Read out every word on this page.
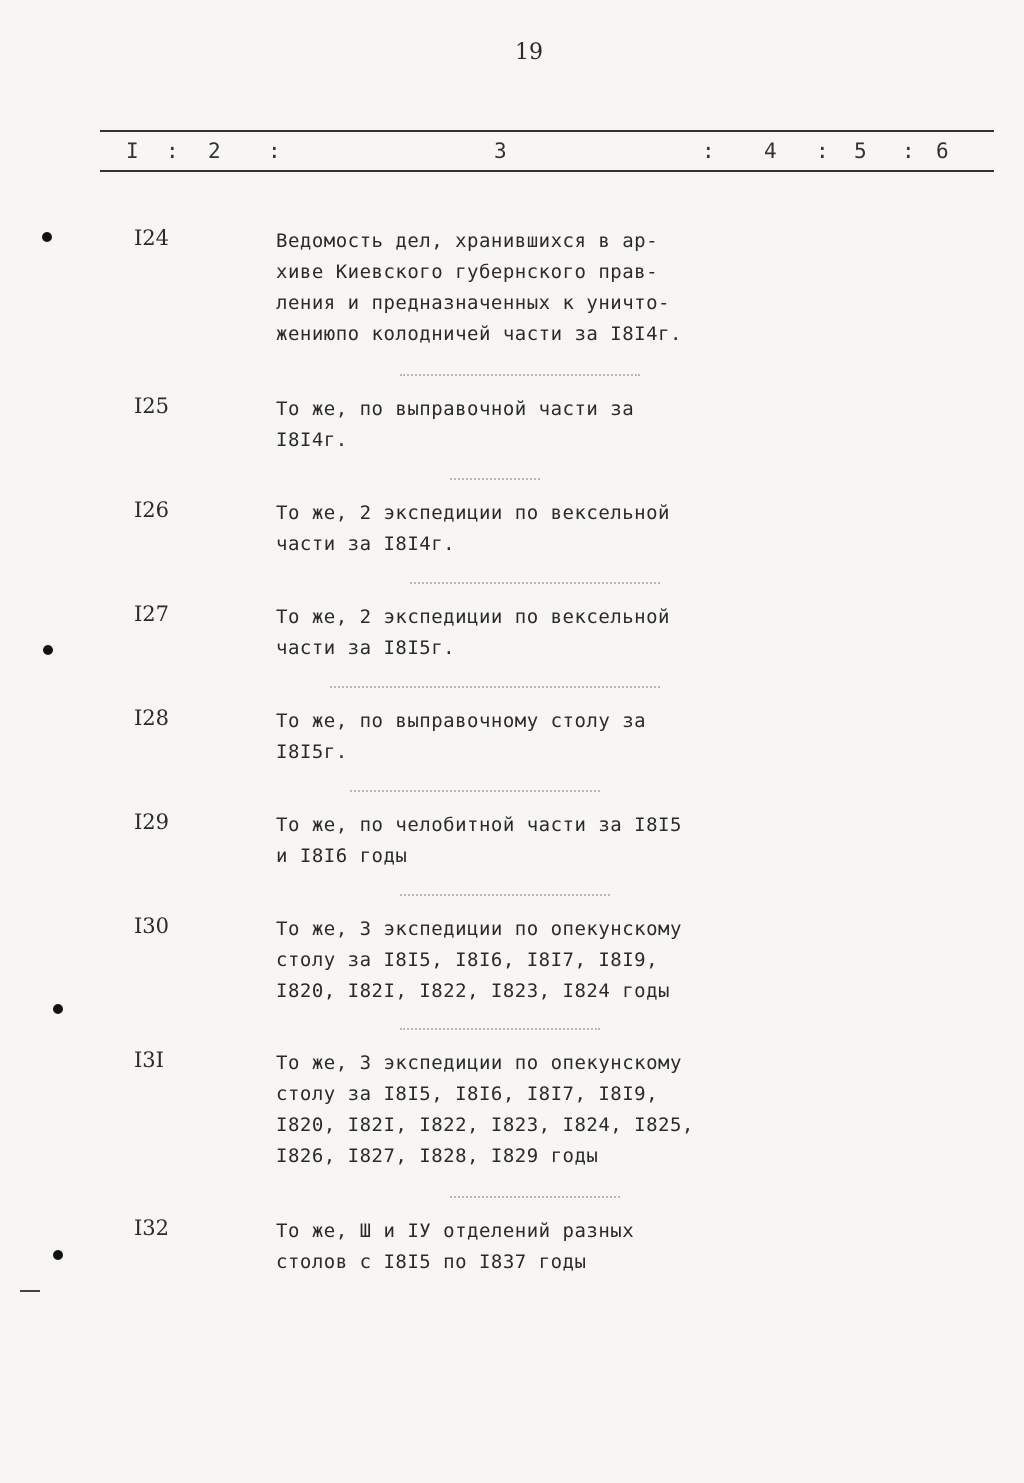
19
I : 2 :	3	: 4 : 5 : 6
I24	Ведомость дел, хранившихся в ар-
хиве Киевского губернского прав-
ления и предназначенных к уничто-
жениюпо колодничей части за I8I4г.
I25	То же, по выправочной части за
I8I4г.
I26	То же, 2 экспедиции по вексельной
части за I8I4г.
I27	То же, 2 экспедиции по вексельной
части за I8I5г.
I28	То же, по выправочному столу за
I8I5г.
I29	То же, по челобитной части за I8I5
и I8I6 годы
I30	То же, 3 экспедиции по опекунскому
столу за I8I5, I8I6, I8I7, I8I9,
I820, I82I, I822, I823, I824 годы
I3I	То же, 3 экспедиции по опекунскому
столу за I8I5, I8I6, I8I7, I8I9,
I820, I82I, I822, I823, I824, I825,
I826, I827, I828, I829 годы
I32	То же, Ш и IУ отделений разных
столов с I8I5 по I837 годы
